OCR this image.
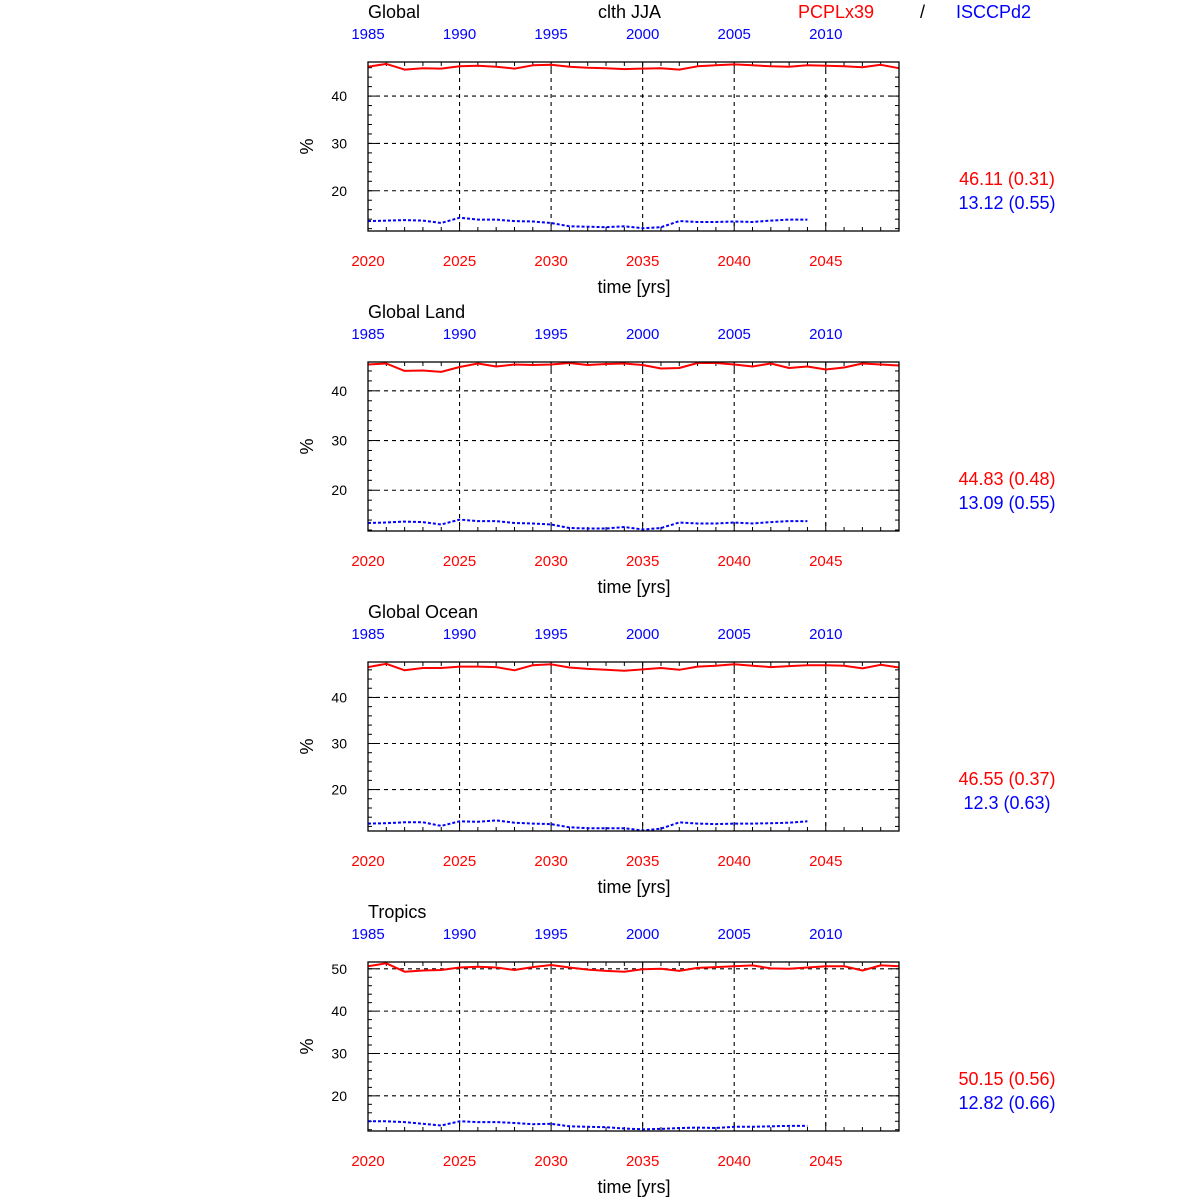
clth JJA	PCPLx39	/ ISCCPd2
Global
20
30
40
2020	2025	2030	2035	2040	2045
1985	1990	1995	2000	2005	2010
time [yrs]
%
46.11 (0.31)
13.12 (0.55)
Global Land
20
30
40
2020	2025	2030	2035	2040	2045
1985	1990	1995	2000	2005	2010
time [yrs]
%
44.83 (0.48)
13.09 (0.55)
Global Ocean
20
30
40
2020	2025	2030	2035	2040	2045
1985	1990	1995	2000	2005	2010
time [yrs]
%
46.55 (0.37)
12.3 (0.63)
Tropics
20
30
40
50
2020	2025	2030	2035	2040	2045
1985	1990	1995	2000	2005	2010
time [yrs]
%
50.15 (0.56)
12.82 (0.66)
